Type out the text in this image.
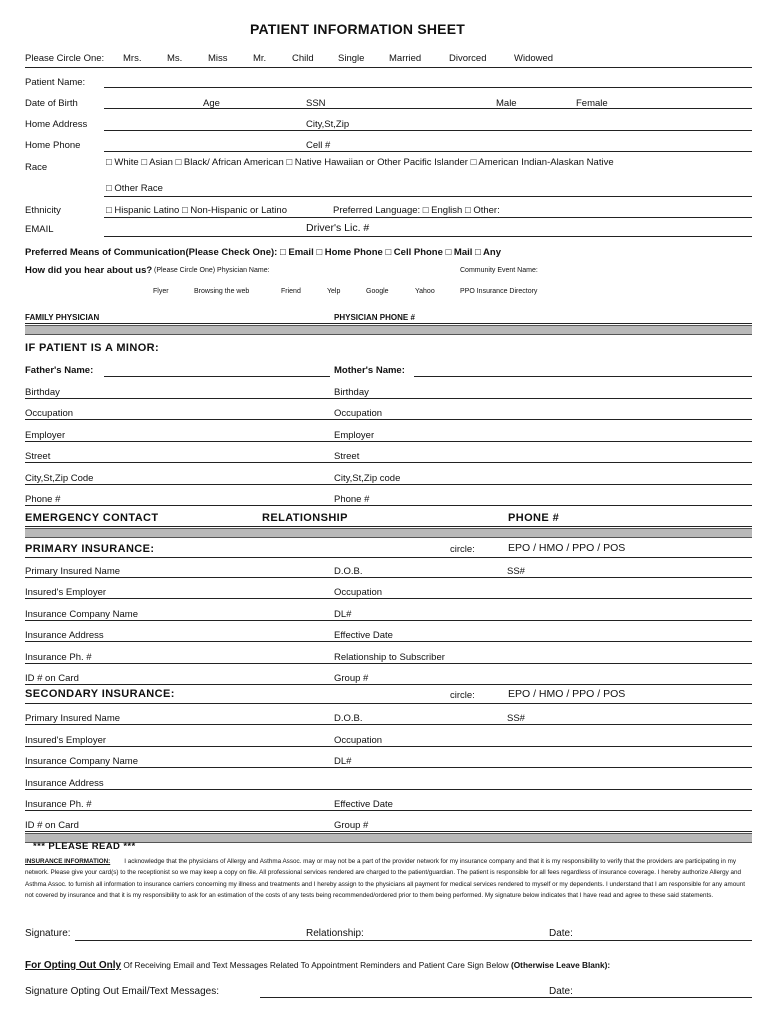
PATIENT INFORMATION SHEET
Please Circle One: Mrs.	Ms.	Miss	Mr.	Child	Single	Married	Divorced	Widowed
Patient Name:
Date of Birth	Age	SSN	Male	Female
Home Address	City,St,Zip
Home Phone	Cell #
Race	□ White □ Asian □ Black/ African American □ Native Hawaiian or Other Pacific Islander □ American Indian-Alaskan Native
□ Other Race
Ethnicity	□ Hispanic Latino □ Non-Hispanic or Latino	Preferred Language: □ English □ Other:
EMAIL	Driver's Lic. #
Preferred Means of Communication(Please Check One): □ Email □ Home Phone □ Cell Phone □ Mail □ Any
How did you hear about us? (Please Circle One) Physician Name:	Community Event Name:
Flyer	Browsing the web	Friend	Yelp	Google	Yahoo	PPO Insurance Directory
FAMILY PHYSICIAN	PHYSICIAN PHONE #
IF PATIENT IS A MINOR:
Father's Name:	Mother's Name:
Birthday	Birthday
Occupation	Occupation
Employer	Employer
Street	Street
City,St,Zip Code	City,St,Zip code
Phone #	Phone #
EMERGENCY CONTACT	RELATIONSHIP	PHONE #
PRIMARY INSURANCE:	circle:	EPO / HMO / PPO / POS
Primary Insured Name	D.O.B.	SS#
Insured's Employer	Occupation
Insurance Company Name	DL#
Insurance Address	Effective Date
Insurance Ph. #	Relationship to Subscriber
ID # on Card	Group #
SECONDARY INSURANCE:	circle:	EPO / HMO / PPO / POS
Primary Insured Name	D.O.B.	SS#
Insured's Employer	Occupation
Insurance Company Name	DL#
Insurance Address
Insurance Ph. #	Effective Date
ID # on Card	Group #
*** PLEASE READ ***
INSURANCE INFORMATION: I acknowledge that the physicians of Allergy and Asthma Assoc. may or may not be a part of the provider network for my insurance company and that it is my responsibility to verify that the providers are participating in my network. Please give your card(s) to the receptionist so we may keep a copy on file. All professional services rendered are charged to the patient/guardian. The patient is responsible for all fees regardless of insurance coverage. I hereby authorize Allergy and Asthma Assoc. to furnish all information to insurance carriers concerning my illness and treatments and I hereby assign to the physicians all payment for medical services rendered to myself or my dependents. I understand that I am responsible for any amount not covered by insurance and that it is my responsibility to ask for an estimation of the costs of any tests being recommended/ordered prior to them being performed. My signature below indicates that I have read and agree to these said statements.
Signature:	Relationship:	Date:
For Opting Out Only Of Receiving Email and Text Messages Related To Appointment Reminders and Patient Care Sign Below (Otherwise Leave Blank):
Signature Opting Out Email/Text Messages:	Date:
